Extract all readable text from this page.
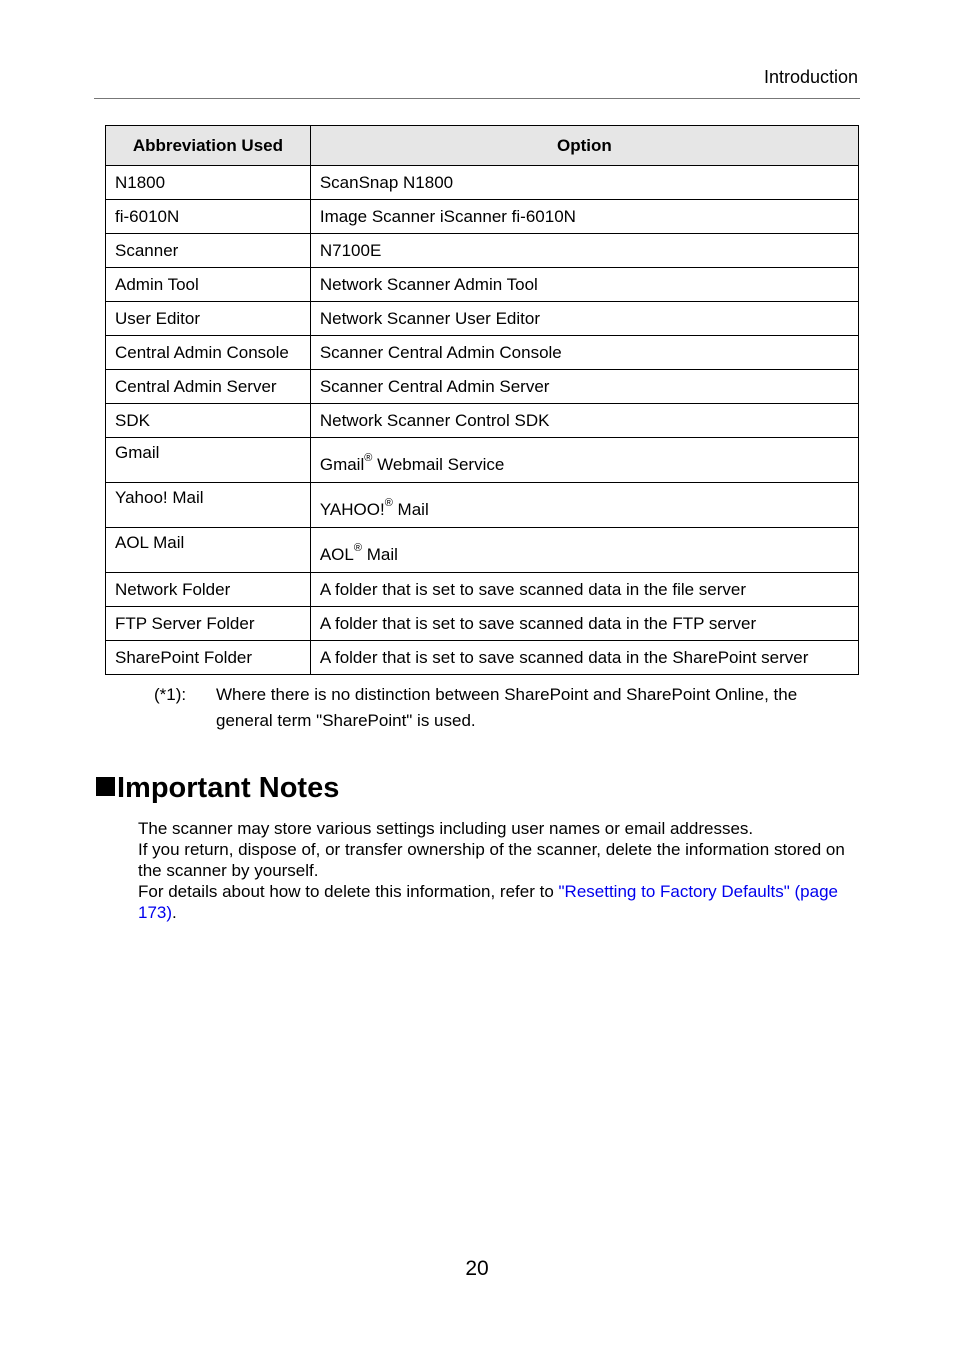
Introduction
Abbreviation Used	Option
N1800	ScanSnap N1800
fi-6010N	Image Scanner iScanner fi-6010N
Scanner	N7100E
Admin Tool	Network Scanner Admin Tool
User Editor	Network Scanner User Editor
Central Admin Console	Scanner Central Admin Console
Central Admin Server	Scanner Central Admin Server
SDK	Network Scanner Control SDK
Gmail	Gmail® Webmail Service
Yahoo! Mail	YAHOO!® Mail
AOL Mail	AOL® Mail
Network Folder	A folder that is set to save scanned data in the file server
FTP Server Folder	A folder that is set to save scanned data in the FTP server
SharePoint Folder	A folder that is set to save scanned data in the SharePoint server
(*1): Where there is no distinction between SharePoint and SharePoint Online, the general term "SharePoint" is used.
Important Notes

The scanner may store various settings including user names or email addresses.

If you return, dispose of, or transfer ownership of the scanner, delete the information stored on the scanner by yourself.

For details about how to delete this information, refer to "Resetting to Factory Defaults" (page 173).

20
